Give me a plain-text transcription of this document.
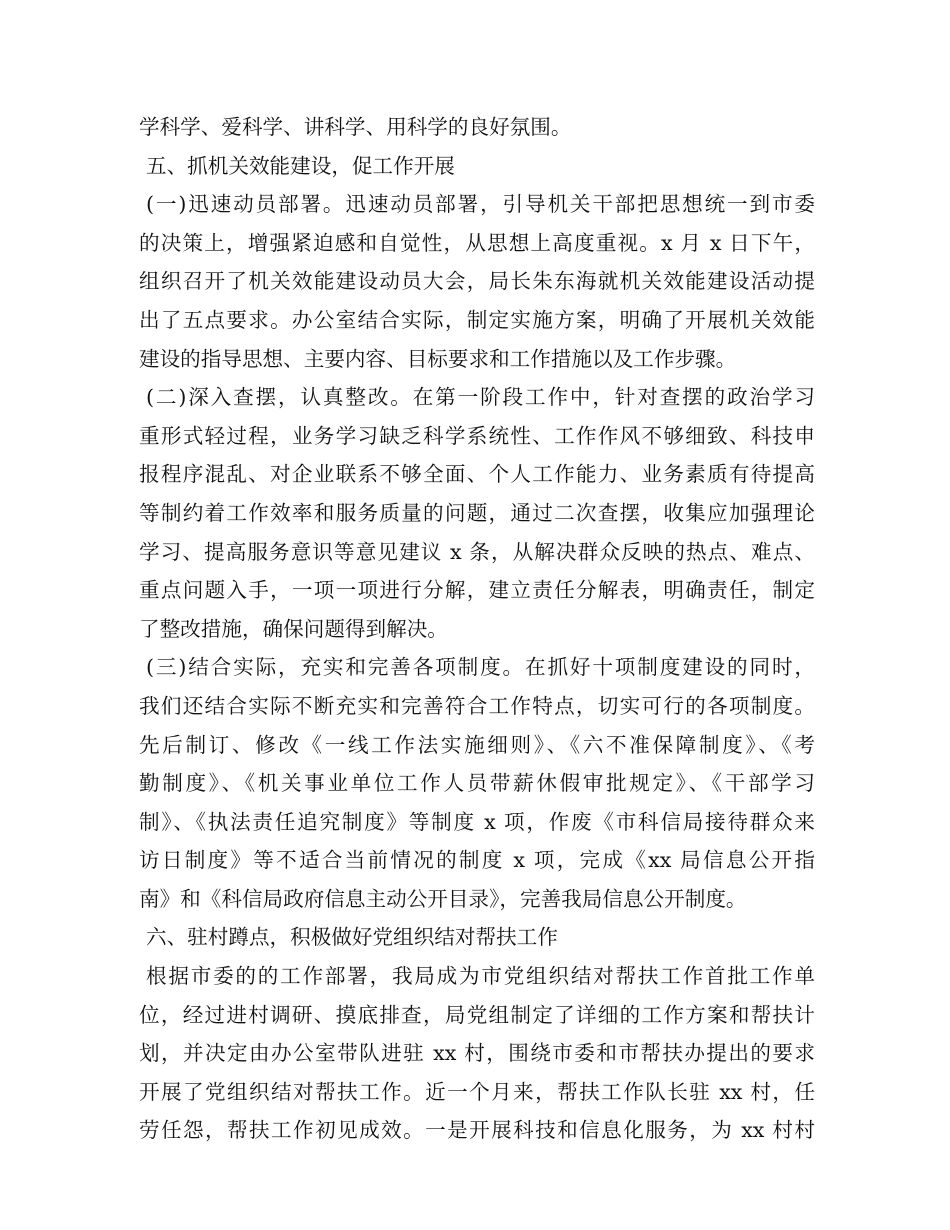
学科学、爱科学、讲科学、用科学的良好氛围。
五、抓机关效能建设，促工作开展
(一)迅速动员部署。迅速动员部署，引导机关干部把思想统一到市委
的决策上，增强紧迫感和自觉性，从思想上高度重视。x 月 x 日下午，
组织召开了机关效能建设动员大会，局长朱东海就机关效能建设活动提
出了五点要求。办公室结合实际，制定实施方案，明确了开展机关效能
建设的指导思想、主要内容、目标要求和工作措施以及工作步骤。
(二)深入查摆，认真整改。在第一阶段工作中，针对查摆的政治学习
重形式轻过程，业务学习缺乏科学系统性、工作作风不够细致、科技申
报程序混乱、对企业联系不够全面、个人工作能力、业务素质有待提高
等制约着工作效率和服务质量的问题，通过二次查摆，收集应加强理论
学习、提高服务意识等意见建议 x 条，从解决群众反映的热点、难点、
重点问题入手，一项一项进行分解，建立责任分解表，明确责任，制定
了整改措施，确保问题得到解决。
(三)结合实际，充实和完善各项制度。在抓好十项制度建设的同时，
我们还结合实际不断充实和完善符合工作特点，切实可行的各项制度。
先后制订、修改《一线工作法实施细则》、《六不准保障制度》、《考
勤制度》、《机关事业单位工作人员带薪休假审批规定》、《干部学习
制》、《执法责任追究制度》等制度 x 项，作废《市科信局接待群众来
访日制度》等不适合当前情况的制度 x 项，完成《xx 局信息公开指
南》和《科信局政府信息主动公开目录》，完善我局信息公开制度。
六、驻村蹲点，积极做好党组织结对帮扶工作
根据市委的的工作部署，我局成为市党组织结对帮扶工作首批工作单
位，经过进村调研、摸底排查，局党组制定了详细的工作方案和帮扶计
划，并决定由办公室带队进驻 xx 村，围绕市委和市帮扶办提出的要求
开展了党组织结对帮扶工作。近一个月来，帮扶工作队长驻 xx 村，任
劳任怨，帮扶工作初见成效。一是开展科技和信息化服务，为 xx 村村
